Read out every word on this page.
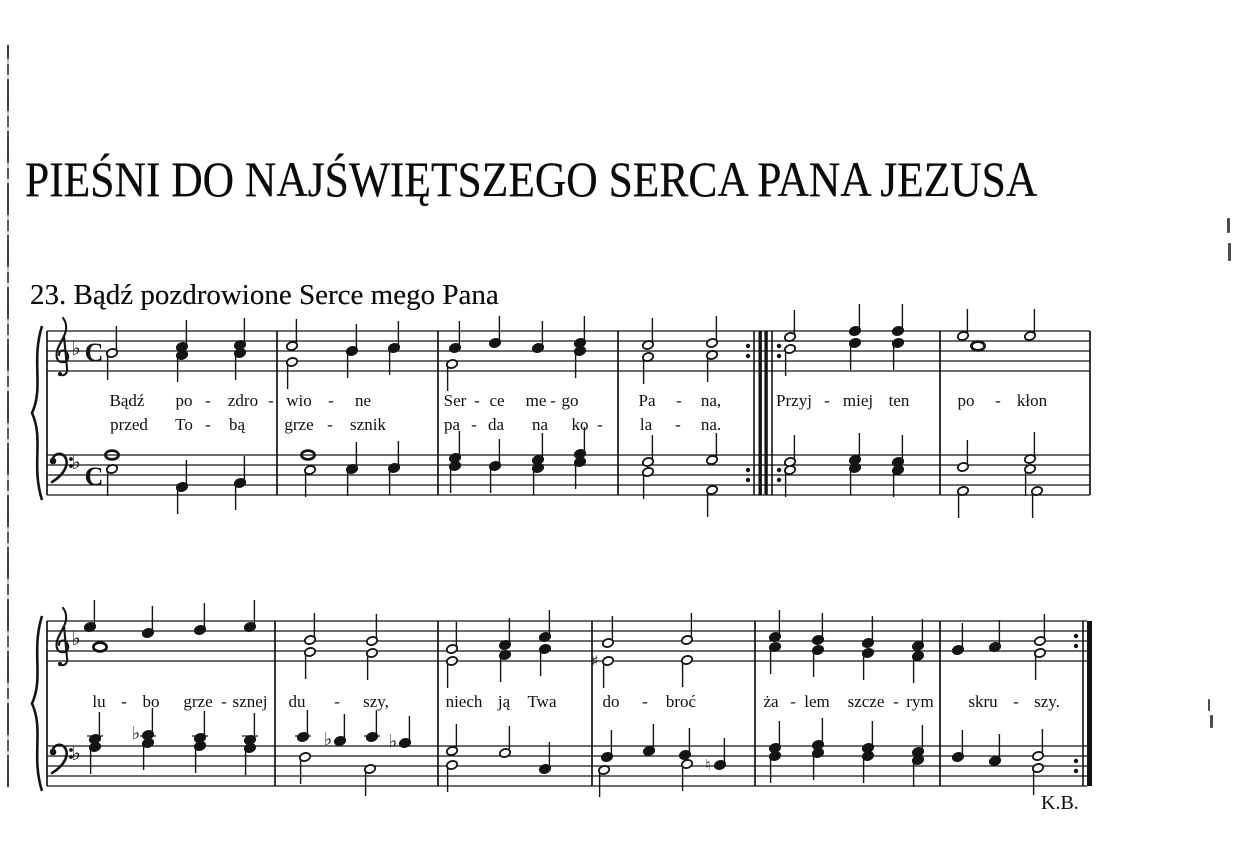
PIEŚNI DO NAJŚWIĘTSZEGO SERCA PANA JEZUSA
23. Bądź pozdrowione Serce mego Pana
♭
♭
C
C
Bądź po - zdro - wio - ne	Ser - ce me - go	Pa - na,	Przyj - miej ten	po - kłon
przed To - bą grze - sznik	pa - da na ko - la - na.
♭
♭
♯
♭	♭	♭
♮
lu - bo grze - sznej du - szy,	niech ją Twa	do - broć	ża - lem szcze - rym skru - szy.
K.B.
